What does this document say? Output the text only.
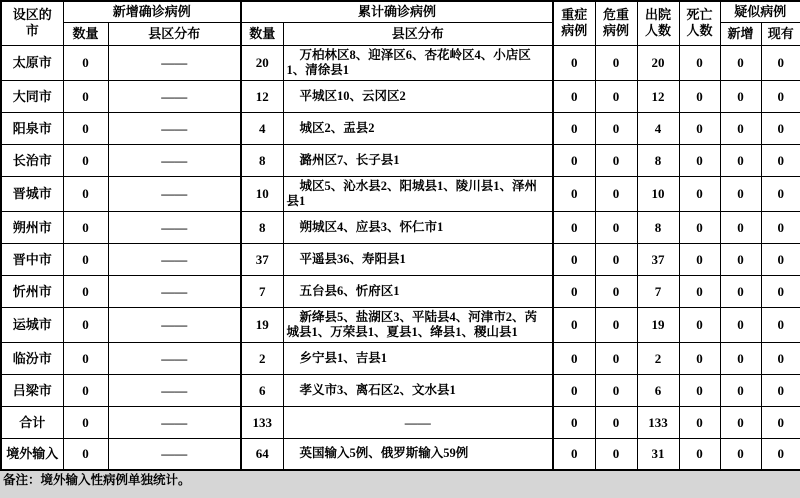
设区的市	新增确诊病例		累计确诊病例		重症病例	危重病例	出院人数	死亡人数	疑似病例	
	数量	县区分布	数量	县区分布					新增	现有
太原市	0	——	20	万柏林区8、迎泽区6、杏花岭区4、小店区1、清徐县1	0	0	20	0	0	0
大同市	0	——	12	平城区10、云冈区2	0	0	12	0	0	0
阳泉市	0	——	4	城区2、盂县2	0	0	4	0	0	0
长治市	0	——	8	潞州区7、长子县1	0	0	8	0	0	0
晋城市	0	——	10	城区5、沁水县2、阳城县1、陵川县1、泽州县1	0	0	10	0	0	0
朔州市	0	——	8	朔城区4、应县3、怀仁市1	0	0	8	0	0	0
晋中市	0	——	37	平遥县36、寿阳县1	0	0	37	0	0	0
忻州市	0	——	7	五台县6、忻府区1	0	0	7	0	0	0
运城市	0	——	19	新绛县5、盐湖区3、平陆县4、河津市2、芮城县1、万荣县1、夏县1、绛县1、稷山县1	0	0	19	0	0	0
临汾市	0	——	2	乡宁县1、吉县1	0	0	2	0	0	0
吕梁市	0	——	6	孝义市3、离石区2、文水县1	0	0	6	0	0	0
合计	0	——	133	——	0	0	133	0	0	0
境外输入	0	——	64	英国输入5例、俄罗斯输入59例	0	0	31	0	0	0
备注：境外输入性病例单独统计。
